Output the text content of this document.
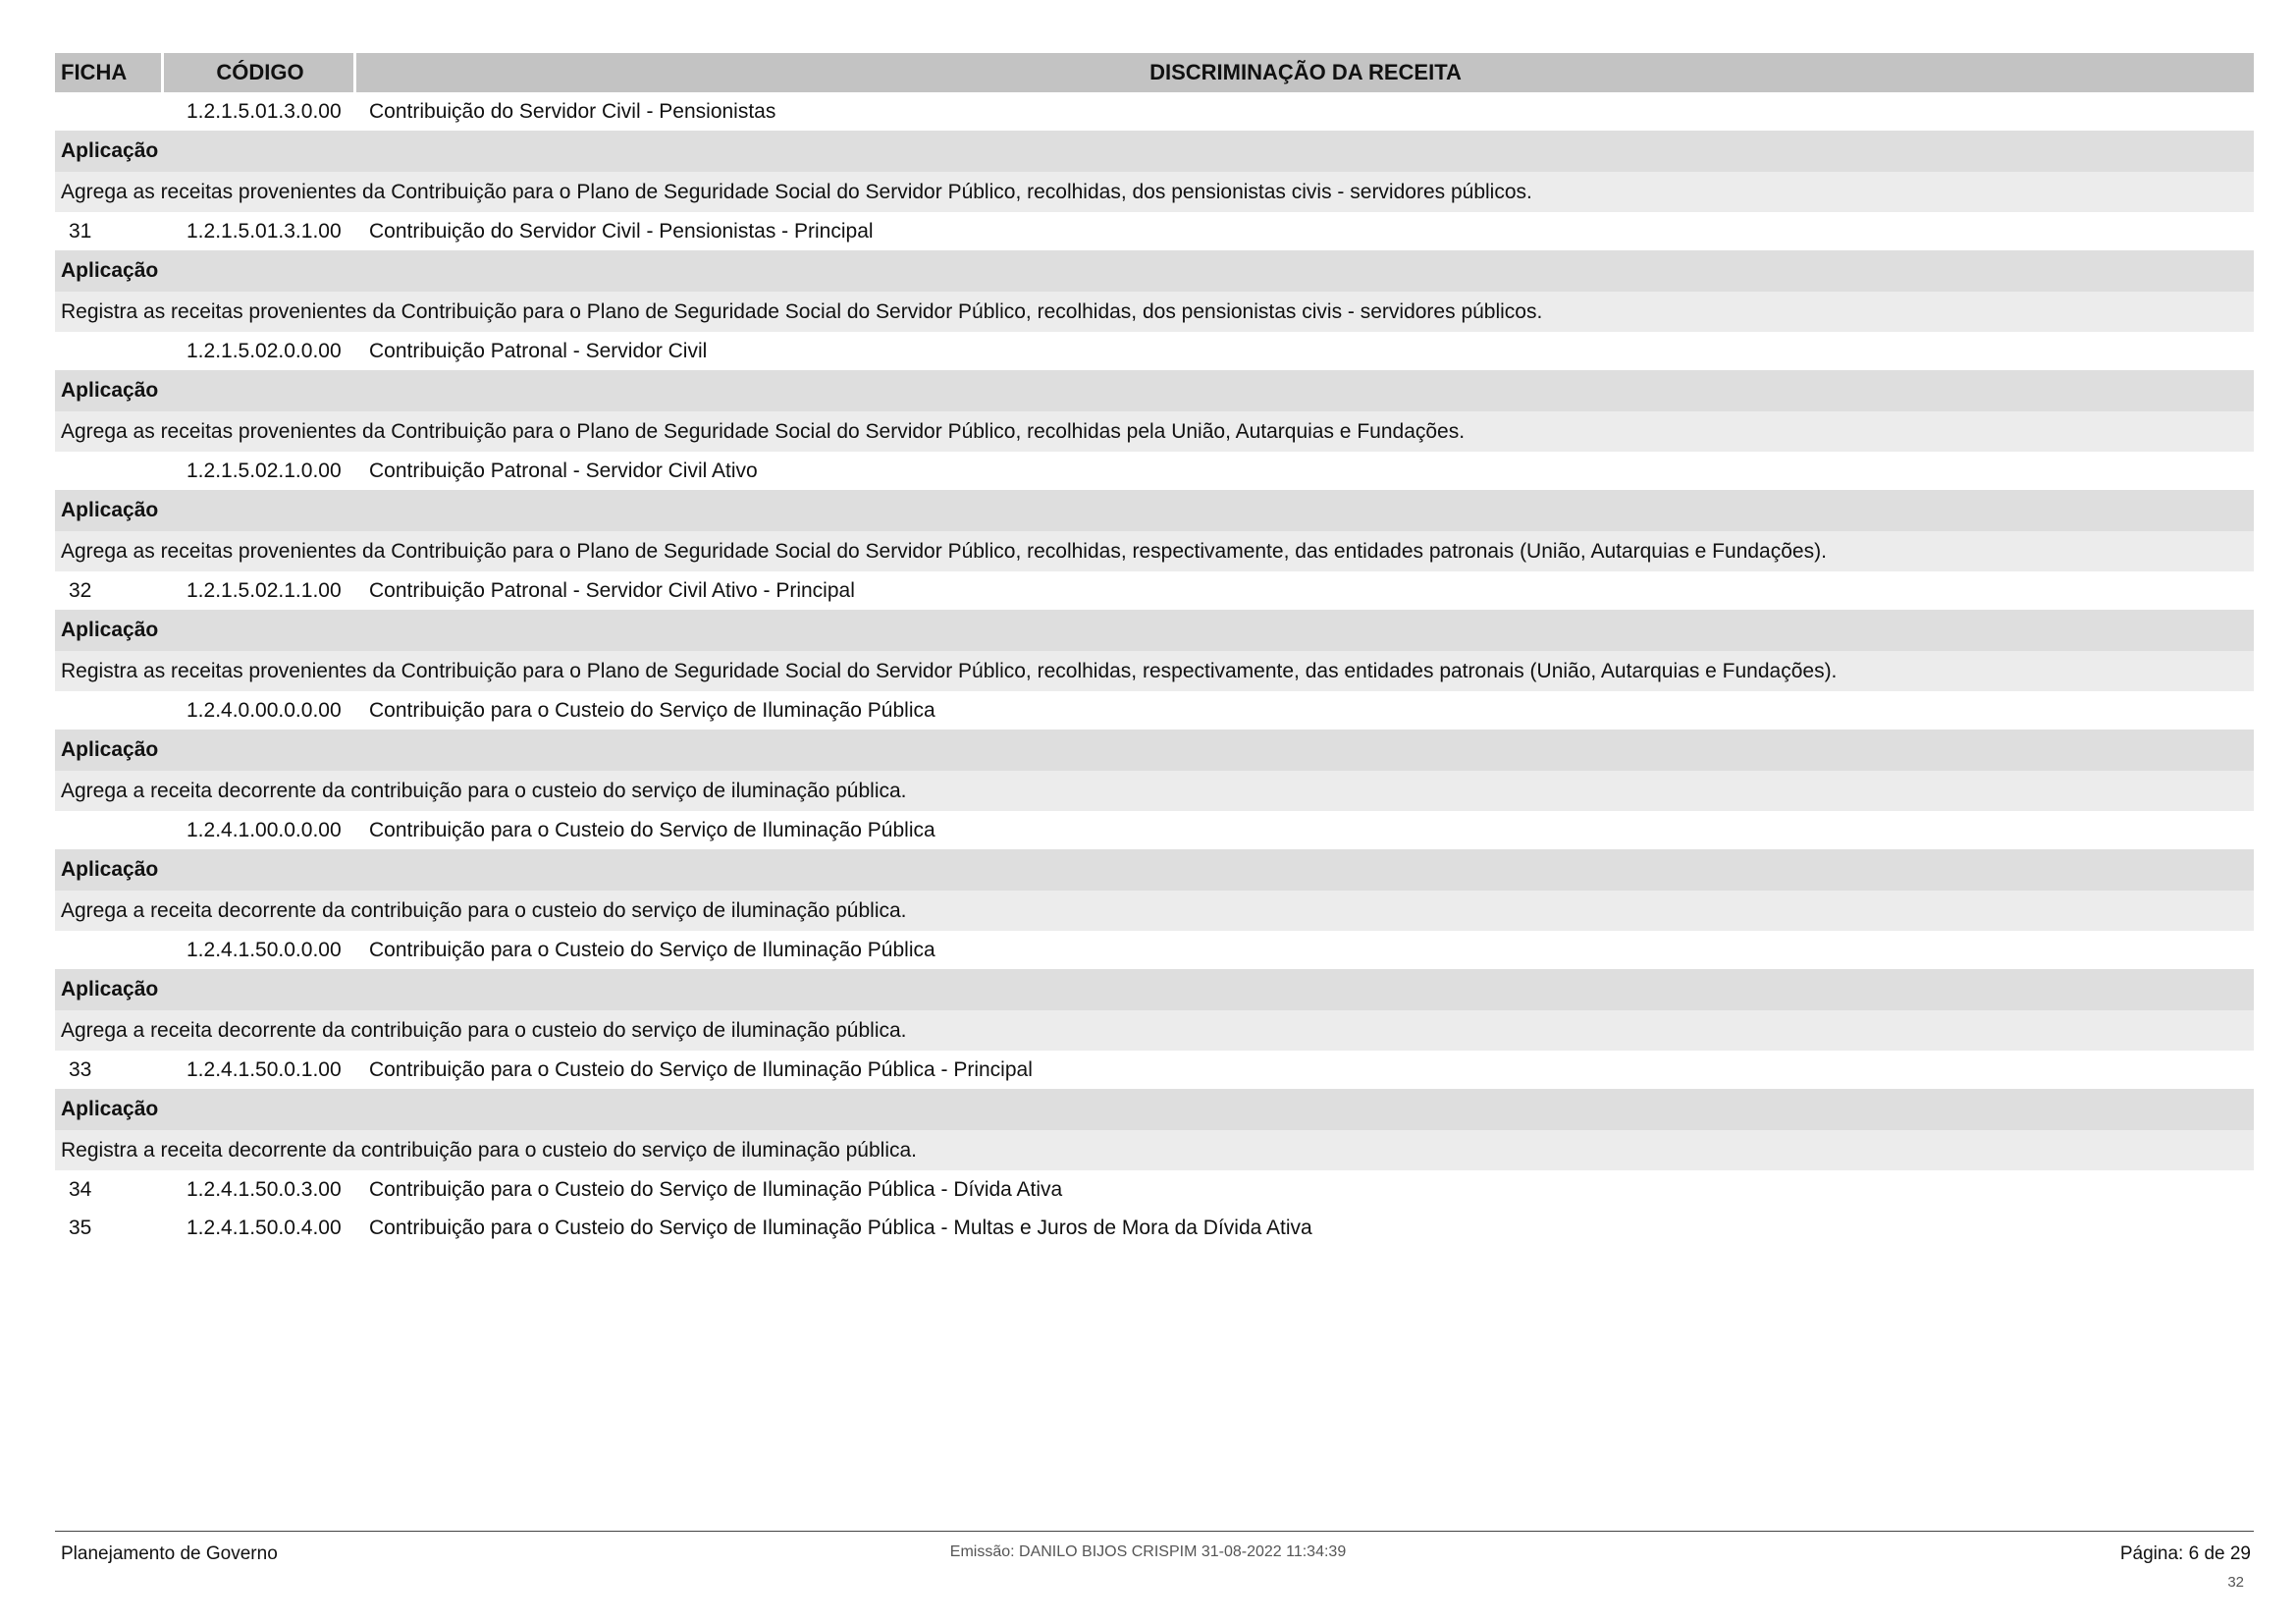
FICHA	CÓDIGO	DISCRIMINAÇÃO DA RECEITA
1.2.1.5.01.3.0.00 Contribuição do Servidor Civil - Pensionistas
Aplicação
Agrega as receitas provenientes da Contribuição para o Plano de Seguridade Social do Servidor Público, recolhidas, dos pensionistas civis - servidores públicos.
31	1.2.1.5.01.3.1.00 Contribuição do Servidor Civil - Pensionistas - Principal
Aplicação
Registra as receitas provenientes da Contribuição para o Plano de Seguridade Social do Servidor Público, recolhidas, dos pensionistas civis - servidores públicos.
1.2.1.5.02.0.0.00 Contribuição Patronal - Servidor Civil
Aplicação
Agrega as receitas provenientes da Contribuição para o Plano de Seguridade Social do Servidor Público, recolhidas pela União, Autarquias e Fundações.
1.2.1.5.02.1.0.00 Contribuição Patronal - Servidor Civil Ativo
Aplicação
Agrega as receitas provenientes da Contribuição para o Plano de Seguridade Social do Servidor Público, recolhidas, respectivamente, das entidades patronais (União, Autarquias e Fundações).
32	1.2.1.5.02.1.1.00 Contribuição Patronal - Servidor Civil Ativo - Principal
Aplicação
Registra as receitas provenientes da Contribuição para o Plano de Seguridade Social do Servidor Público, recolhidas, respectivamente, das entidades patronais (União, Autarquias e Fundações).
1.2.4.0.00.0.0.00 Contribuição para o Custeio do Serviço de Iluminação Pública
Aplicação
Agrega a receita decorrente da contribuição para o custeio do serviço de iluminação pública.
1.2.4.1.00.0.0.00 Contribuição para o Custeio do Serviço de Iluminação Pública
Aplicação
Agrega a receita decorrente da contribuição para o custeio do serviço de iluminação pública.
1.2.4.1.50.0.0.00 Contribuição para o Custeio do Serviço de Iluminação Pública
Aplicação
Agrega a receita decorrente da contribuição para o custeio do serviço de iluminação pública.
33	1.2.4.1.50.0.1.00 Contribuição para o Custeio do Serviço de Iluminação Pública - Principal
Aplicação
Registra a receita decorrente da contribuição para o custeio do serviço de iluminação pública.
34	1.2.4.1.50.0.3.00 Contribuição para o Custeio do Serviço de Iluminação Pública - Dívida Ativa
35	1.2.4.1.50.0.4.00 Contribuição para o Custeio do Serviço de Iluminação Pública - Multas e Juros de Mora da Dívida Ativa
Planejamento de Governo	Emissão: DANILO BIJOS CRISPIM 31-08-2022 11:34:39	Página: 6 de 29
32
